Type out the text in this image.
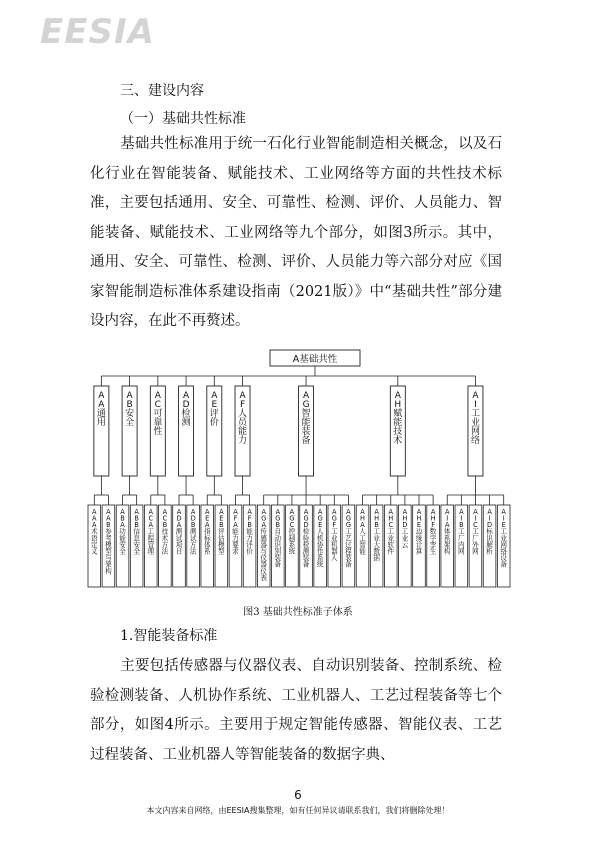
EESIA
三、建设内容
（一）基础共性标准

基础共性标准用于统一石化行业智能制造相关概念，以及石化行业在智能装备、赋能技术、工业网络等方面的共性技术标准，主要包括通用、安全、可靠性、检测、评价、人员能力、智能装备、赋能技术、工业网络等九个部分，如图3所示。其中，通用、安全、可靠性、检测、评价、人员能力等六部分对应《国家智能制造标准体系建设指南（2021版）》中“基础共性”部分建设内容，在此不再赘述。

A基础共性
A
A
A
术
语
定
义
A
A
B
参
考
模
型
与
架
构
A
A
通
用
A
B
A
功
能
安
全
A
B
B
信
息
安
全
A
B
安
全
A
C
A
工
程
管
理
A
C
B
技
术
方
法
A
C
可
靠
性
A
D
A
测
试
项
目
A
D
B
测
试
方
法
A
D
检
测
A
E
A
指
标
体
系
A
E
B
评
估
模
型
A
E
评
价
A
F
A
能
力
要
求
A
F
B
能
力
评
价
A
F
人
员
能
力
A
G
A
传
感
器
与
仪
器
仪
表
A
G
B
自
动
识
别
装
备
A
G
C
控
制
系
统
A
G
D
检
验
检
测
装
备
A
G
E
人
机
协
作
系
统
A
G
F
工
业
机
器
人
A
G
G
工
艺
过
程
装
备
A
G
智
能
装
备
A
H
A
人
工
智
能
A
H
B
工
业
大
数
据
A
H
C
工
业
软
件
A
H
D
工
业
云
A
H
E
边
缘
计
算
A
H
F
数
字
孪
生
A
H
赋
能
技
术
A
I
A
体
系
架
构
A
I
B
工
厂
内
网
A
I
C
工
厂
外
网
A
I
D
标
识
解
析
A
I
E
工
业
网
络
设
备
A
I
工
业
网
络
图3 基础共性标准子体系
1.智能装备标准

主要包括传感器与仪器仪表、自动识别装备、控制系统、检验检测装备、人机协作系统、工业机器人、工艺过程装备等七个部分，如图4所示。主要用于规定智能传感器、智能仪表、工艺过程装备、工业机器人等智能装备的数据字典、

6
本文内容来自网络，由EESIA搜集整理，如有任何异议请联系我们，我们将删除处理！
